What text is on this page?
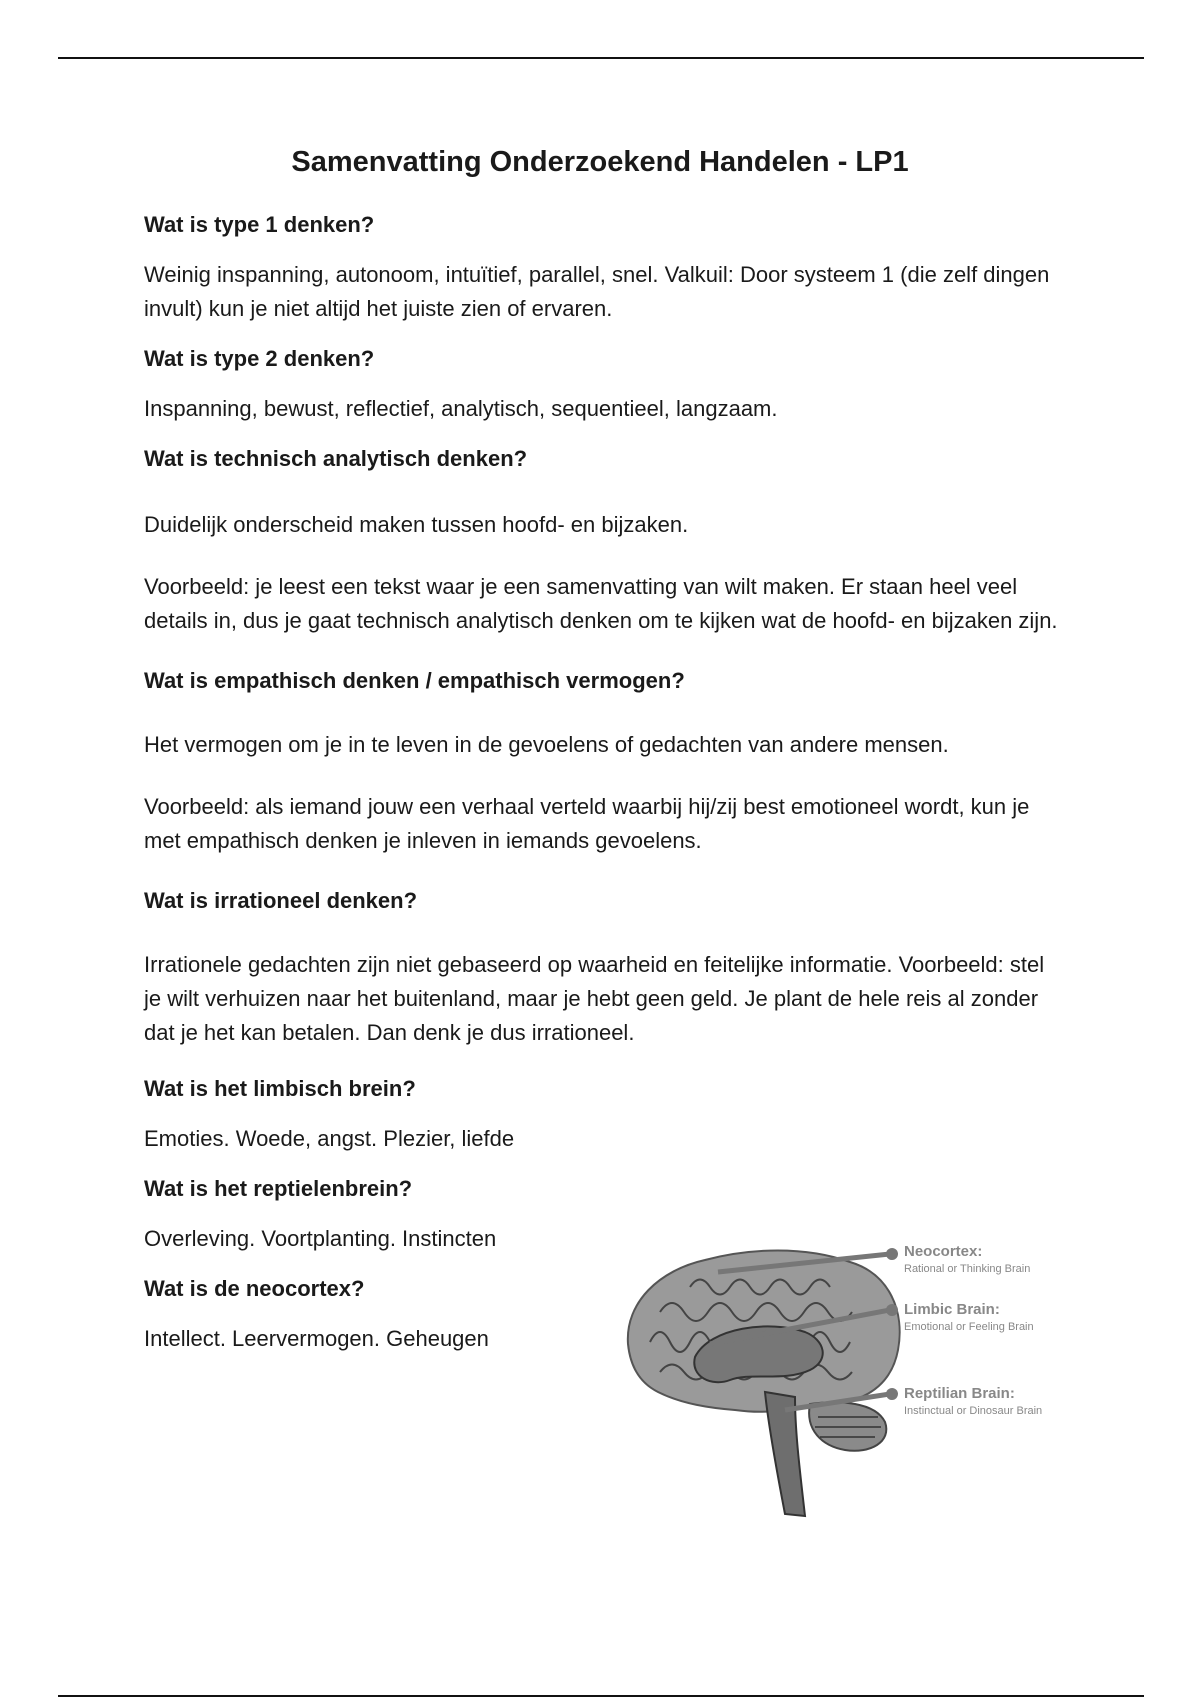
Samenvatting Onderzoekend Handelen - LP1

Wat is type 1 denken?

Weinig inspanning, autonoom, intuïtief, parallel, snel. Valkuil: Door systeem 1 (die zelf dingen invult) kun je niet altijd het juiste zien of ervaren.

Wat is type 2 denken?

Inspanning, bewust, reflectief, analytisch, sequentieel, langzaam.

Wat is technisch analytisch denken?

Duidelijk onderscheid maken tussen hoofd- en bijzaken.

Voorbeeld: je leest een tekst waar je een samenvatting van wilt maken. Er staan heel veel details in, dus je gaat technisch analytisch denken om te kijken wat de hoofd- en bijzaken zijn.

Wat is empathisch denken / empathisch vermogen?

Het vermogen om je in te leven in de gevoelens of gedachten van andere mensen.

Voorbeeld: als iemand jouw een verhaal verteld waarbij hij/zij best emotioneel wordt, kun je met empathisch denken je inleven in iemands gevoelens.

Wat is irrationeel denken?

Irrationele gedachten zijn niet gebaseerd op waarheid en feitelijke informatie. Voorbeeld: stel je wilt verhuizen naar het buitenland, maar je hebt geen geld. Je plant de hele reis al zonder dat je het kan betalen. Dan denk je dus irrationeel.

Wat is het limbisch brein?

Emoties. Woede, angst. Plezier, liefde

Wat is het reptielenbrein?

Overleving. Voortplanting. Instincten

Wat is de neocortex?

Intellect. Leervermogen. Geheugen

Neocortex:
Rational or Thinking Brain
Limbic Brain:
Emotional or Feeling Brain
Reptilian Brain:
Instinctual or Dinosaur Brain
